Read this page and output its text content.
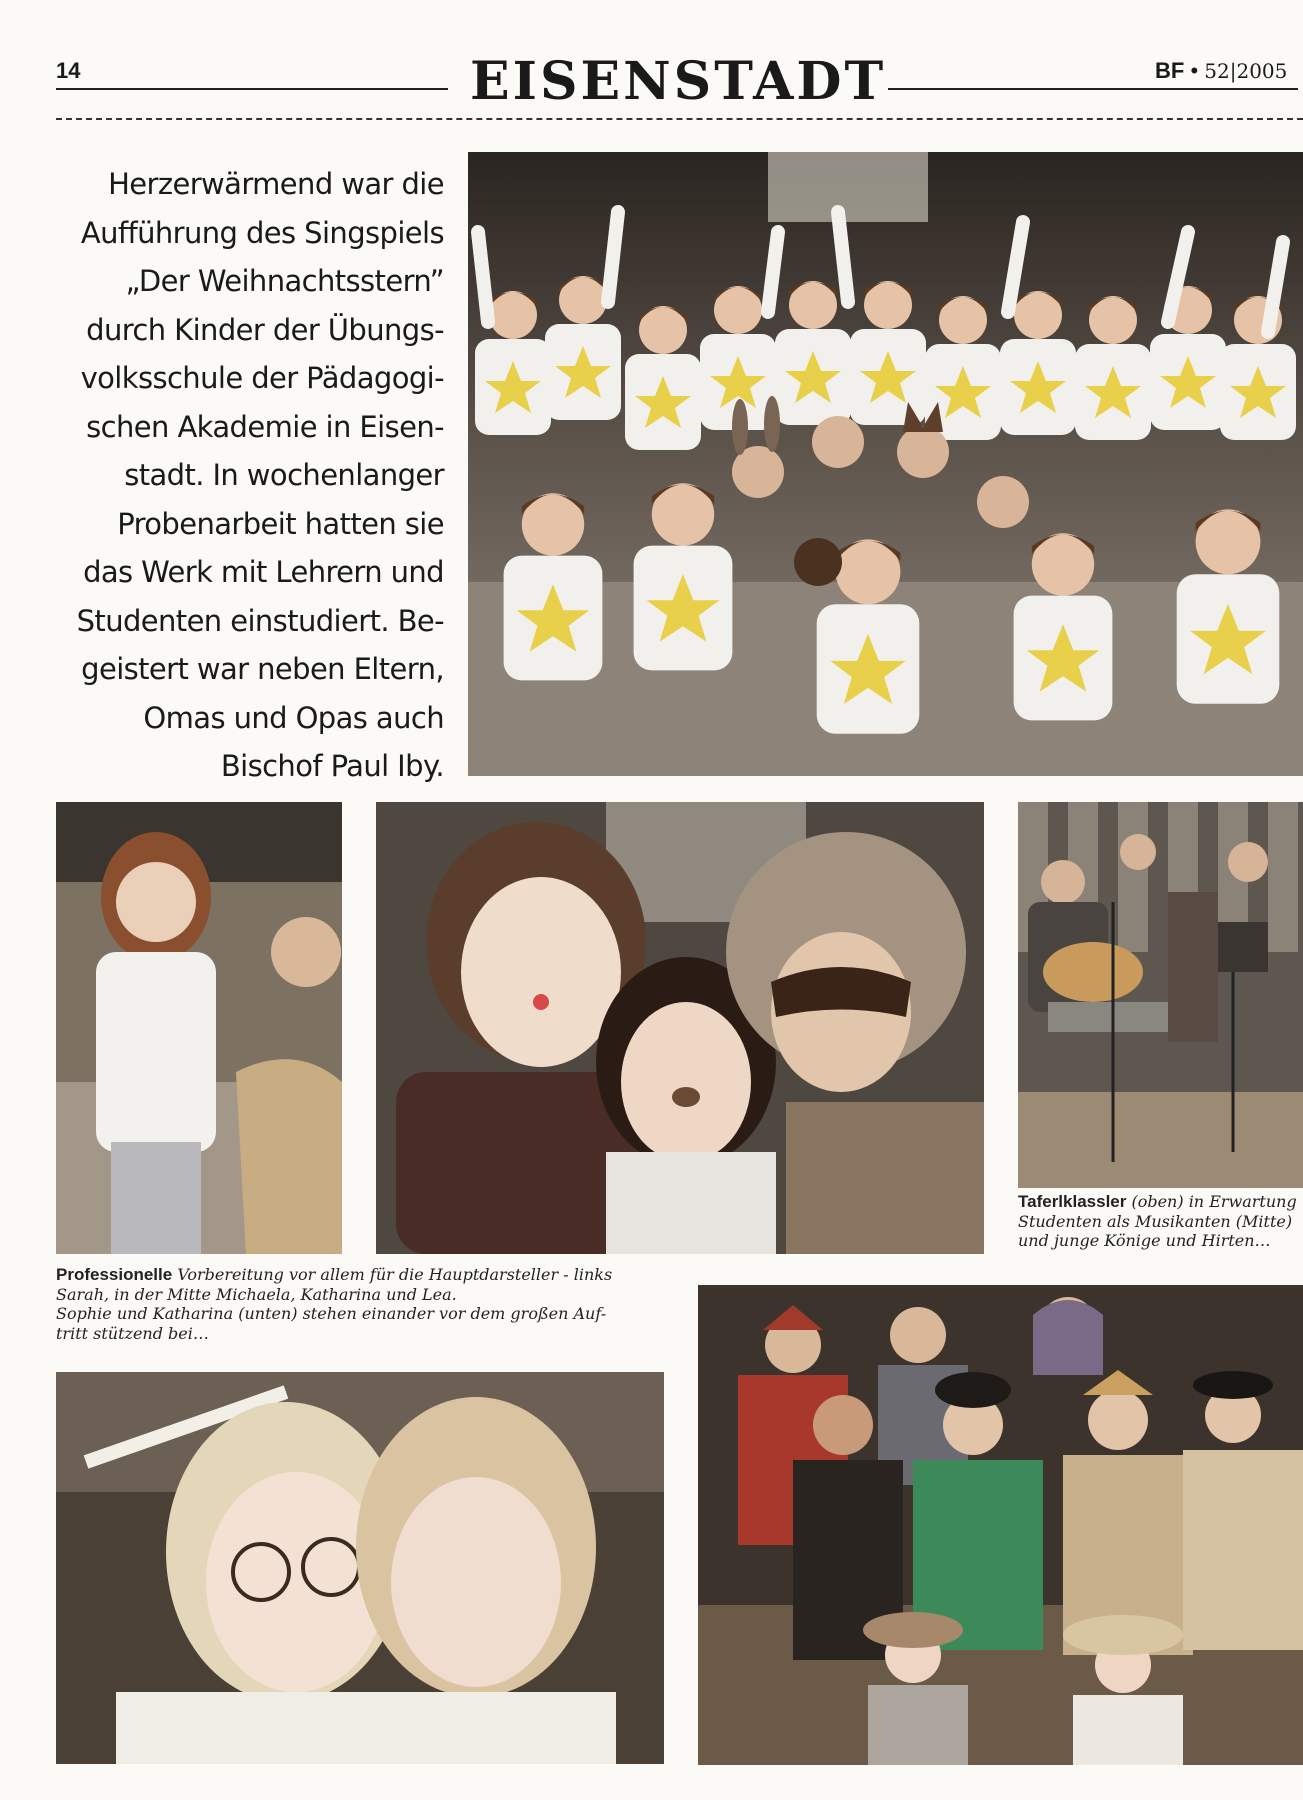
14	EISENSTADT	BF • 52|2005

Herzerwärmend war die

Aufführung des Singspiels

„Der Weihnachtsstern”

durch Kinder der Übungs-

volksschule der Pädagogi-

schen Akademie in Eisen-

stadt. In wochenlanger

Probenarbeit hatten sie

das Werk mit Lehrern und

Studenten einstudiert. Be-

geistert war neben Eltern,

Omas und Opas auch

Bischof Paul Iby.

Taferlklassler (oben) in Erwartung
Studenten als Musikanten (Mitte)
und junge Könige und Hirten…
Professionelle Vorbereitung vor allem für die Hauptdarsteller - links
Sarah, in der Mitte Michaela, Katharina und Lea.
Sophie und Katharina (unten) stehen einander vor dem großen Auf-
tritt stützend bei…
